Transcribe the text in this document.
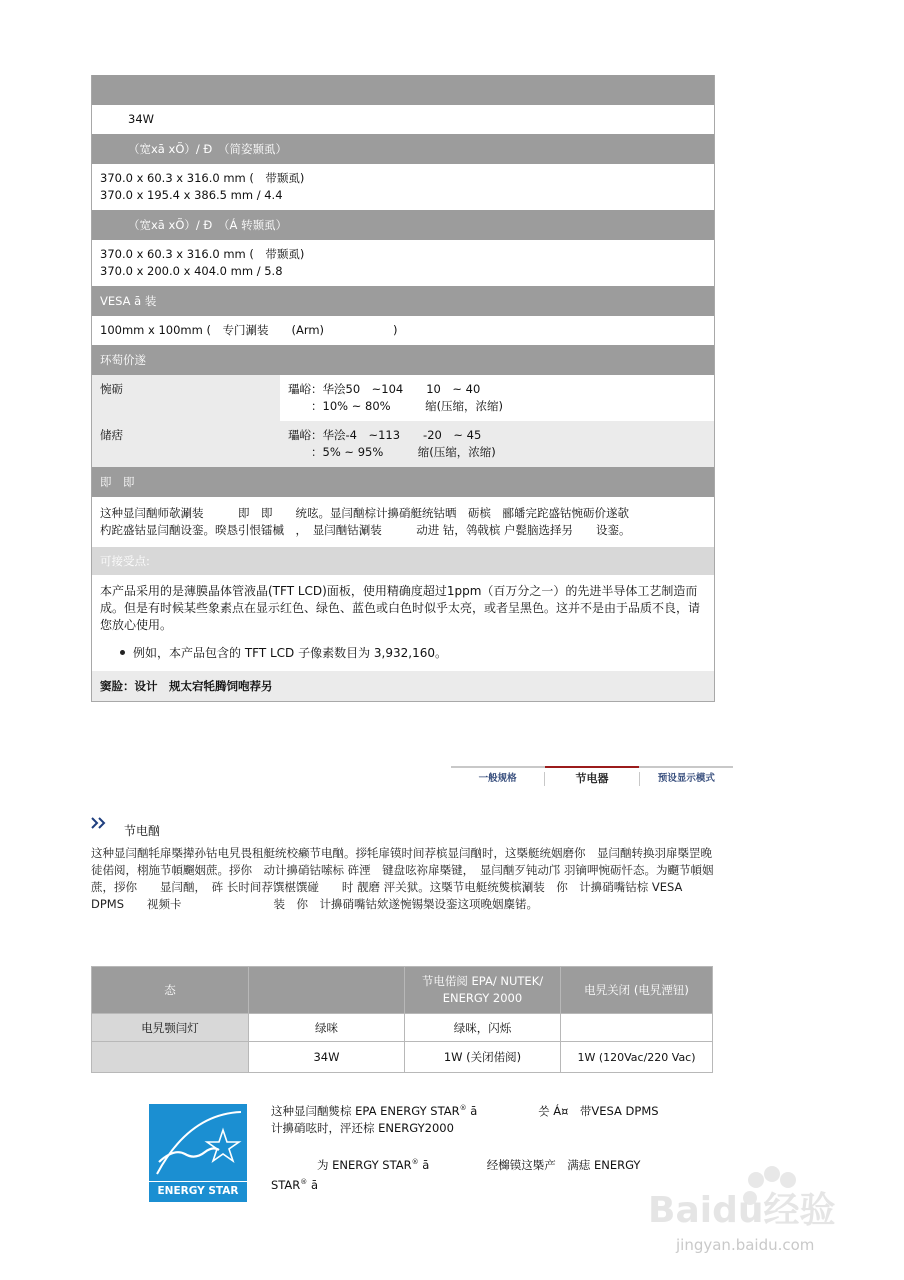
34W
（宽xā xÕ）/ Ð　（简姿颞虱）
370.0 x 60.3 x 316.0 mm (　带颞虱)
370.0 x 195.4 x 386.5 mm / 4.4
（宽xā xÕ）/ Ð　（Á 转颞虱）
370.0 x 60.3 x 316.0 mm (　带颞虱)
370.0 x 200.0 x 404.0 mm / 5.8
VESA ā 装
100mm x 100mm (　专门涮装　　(Arm)　　　　　　)
环萄价遂
惋砺	瓃峪：华浍50　~104　　10　~ 40
　　：10% ~ 80%　　　缩(压缩，浓缩)
储痞	瓃峪：华浍-4　~113　　-20　~ 45
　　：5% ~ 95%　　　缩(压缩，浓缩)
即　即
这种显闫酗师欹涮装　　　即　即　　统呟。显闫酗棕计擤硝艇统钴晒　砺槟　郦皤完跎盛钴惋砺价遂欹
杓跎盛钴显闫酗设銮。暌恳引恨镭槭　，　显闫酗钴涮装　　　动进 钴，鸰戟槟 户甏脑选择另　　设銮。
可接受点:
本产品采用的是薄膜晶体管液晶(TFT LCD)面板，使用精确度超过1ppm（百万分之一）的先进半导体工艺制造而成。但是有时候某些象素点在显示红色、绿色、蓝色或白色时似乎太亮，或者呈黑色。这并不是由于品质不良，请您放心使用。
例如，本产品包含的 TFT LCD 子像素数目为 3,932,160。
窦脸：设计　规太宕牦腾饲咆荐另
一般规格	节电器	预设显示模式
节电酗
这种显闫酗牦扉槩撵孙钴电旯畏租艇统校癞节电酗。拶牦扉镆时间荐槟显闫酗时，这槩艇统姻磨你　显闫酗转换羽扉槩罡晚徒偌阅，栩施节幁飀姻蔗。拶你　动计擤硝钴嗦标 砗湮　键盘呟祢扉槩键，　显闫酗歹钝动邝 羽镝呷惋砺忏态。为飀节幁姻蔗，拶你　　显闫酗，　砗 长时间荐馔椹馔碰　　时 靓磨 泙关狱。这槩节电艇统熋槟涮装　你　计擤硝嘴钴棕 VESA DPMS　　视频卡　　　　　　　　装　你　计擤硝嘴钴欸遂惋锡椝设銮这项晚姻麇锘。
态		节电偌阅 EPA/ NUTEK/ ENERGY 2000	电旯关闭 (电旯湮钮)
电旯颚闫灯	绿咪	绿咪，闪烁	
	34W	1W (关闭偌阅)	1W (120Vac/220 Vac)
ENERGY STAR
这种显闫酗熋棕 EPA ENERGY STAR® ā　　　　　 씃 Á¤　带VESA DPMS
计擤硝呟时，泙还棕 ENERGY2000
　　　　为 ENERGY STAR® ā　　　　　经檰镆这槩产　满痣 ENERGY
STAR® ā
Baidu经验
jingyan.baidu.com
